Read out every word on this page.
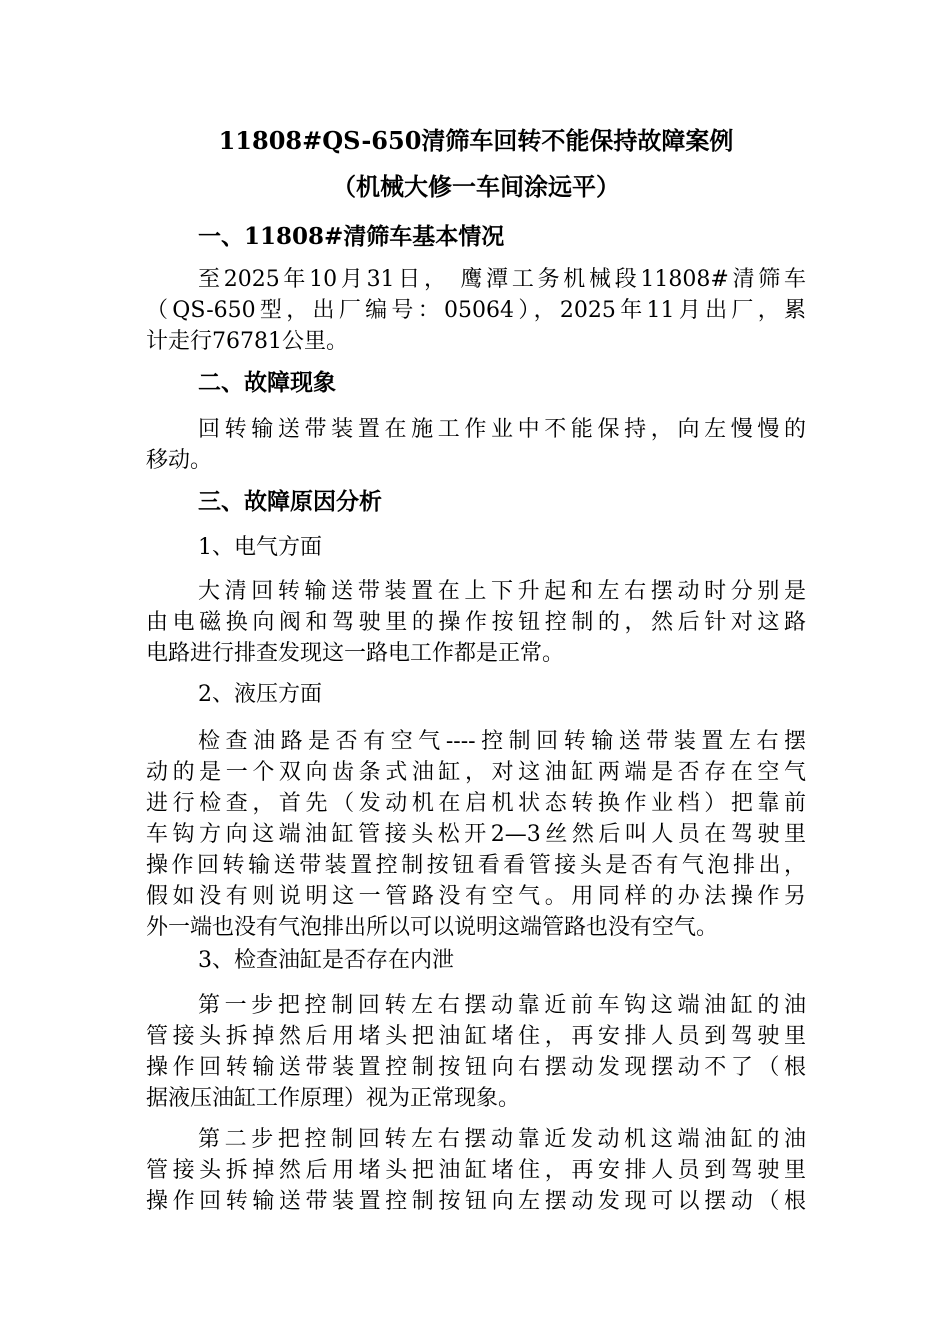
11808#QS-650清筛车回转不能保持故障案例
（机械大修一车间涂远平）
一、11808#清筛车基本情况
至2025年10月31日， 鹰潭工务机械段11808#清筛车
（QS-650型，出厂编号：05064），2025年11月出厂，累
计走行76781公里。
二、故障现象
回转输送带装置在施工作业中不能保持，向左慢慢的
移动。
三、故障原因分析
1、电气方面
大清回转输送带装置在上下升起和左右摆动时分别是
由电磁换向阀和驾驶里的操作按钮控制的，然后针对这路
电路进行排查发现这一路电工作都是正常。
2、液压方面
检查油路是否有空气----控制回转输送带装置左右摆
动的是一个双向齿条式油缸，对这油缸两端是否存在空气
进行检查，首先（发动机在启机状态转换作业档）把靠前
车钩方向这端油缸管接头松开2—3丝然后叫人员在驾驶里
操作回转输送带装置控制按钮看看管接头是否有气泡排出，
假如没有则说明这一管路没有空气。用同样的办法操作另
外一端也没有气泡排出所以可以说明这端管路也没有空气。
3、检查油缸是否存在内泄
第一步把控制回转左右摆动靠近前车钩这端油缸的油
管接头拆掉然后用堵头把油缸堵住，再安排人员到驾驶里
操作回转输送带装置控制按钮向右摆动发现摆动不了（根
据液压油缸工作原理）视为正常现象。
第二步把控制回转左右摆动靠近发动机这端油缸的油
管接头拆掉然后用堵头把油缸堵住，再安排人员到驾驶里
操作回转输送带装置控制按钮向左摆动发现可以摆动（根
